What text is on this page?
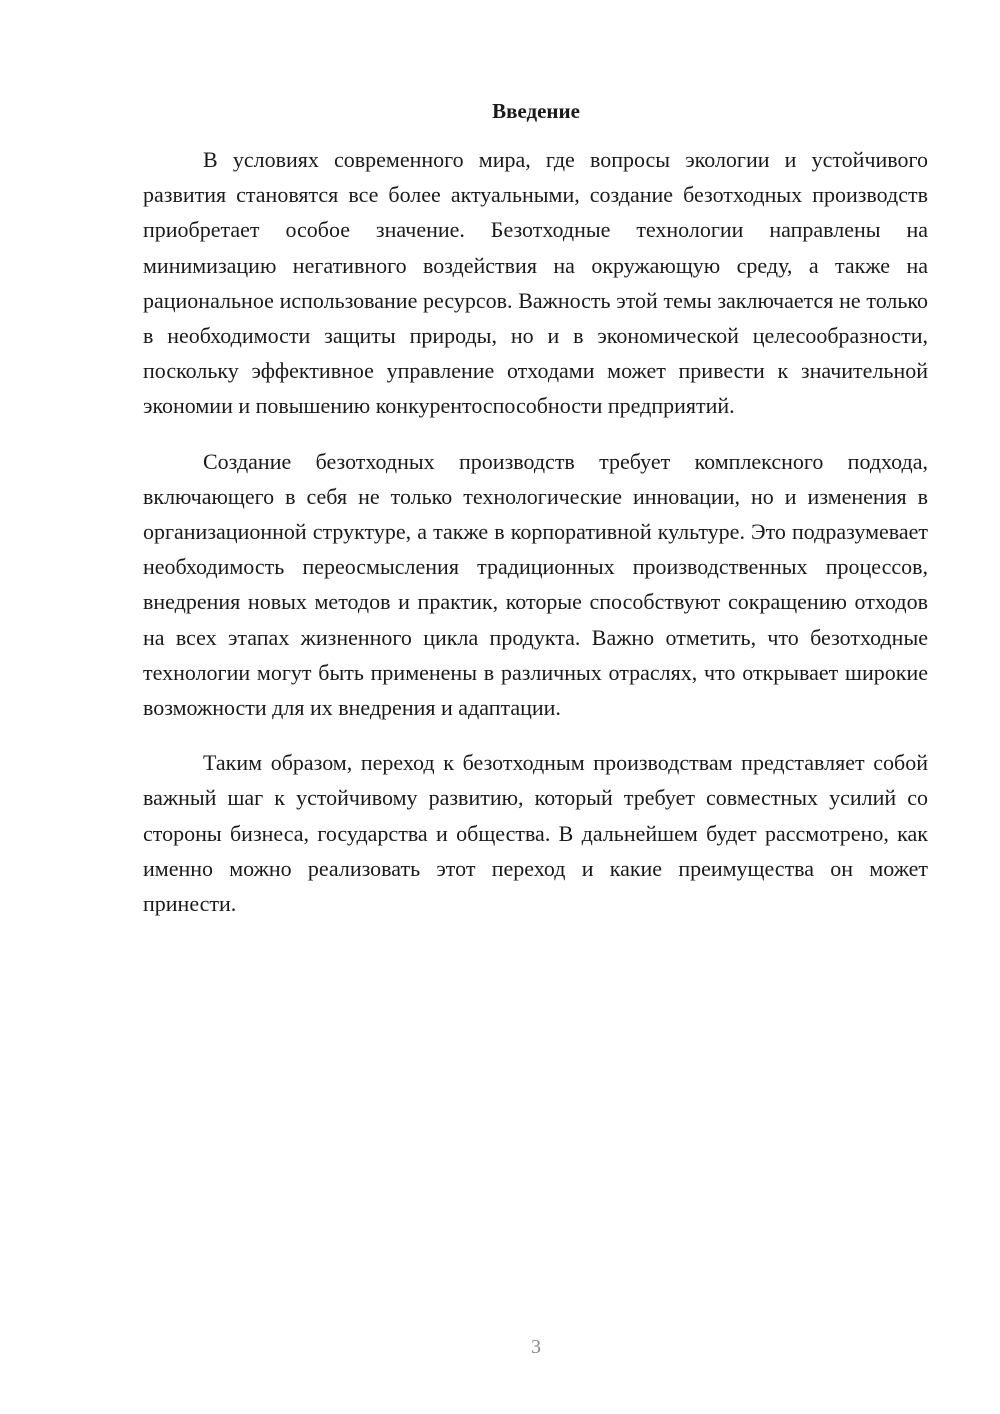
Введение

В условиях современного мира, где вопросы экологии и устойчивого развития становятся все более актуальными, создание безотходных производств приобретает особое значение. Безотходные технологии направлены на минимизацию негативного воздействия на окружающую среду, а также на рациональное использование ресурсов. Важность этой темы заключается не только в необходимости защиты природы, но и в экономической целесообразности, поскольку эффективное управление отходами может привести к значительной экономии и повышению конкурентоспособности предприятий.

Создание безотходных производств требует комплексного подхода, включающего в себя не только технологические инновации, но и изменения в организационной структуре, а также в корпоративной культуре. Это подразумевает необходимость переосмысления традиционных производственных процессов, внедрения новых методов и практик, которые способствуют сокращению отходов на всех этапах жизненного цикла продукта. Важно отметить, что безотходные технологии могут быть применены в различных отраслях, что открывает широкие возможности для их внедрения и адаптации.

Таким образом, переход к безотходным производствам представляет собой важный шаг к устойчивому развитию, который требует совместных усилий со стороны бизнеса, государства и общества. В дальнейшем будет рассмотрено, как именно можно реализовать этот переход и какие преимущества он может принести.

3
